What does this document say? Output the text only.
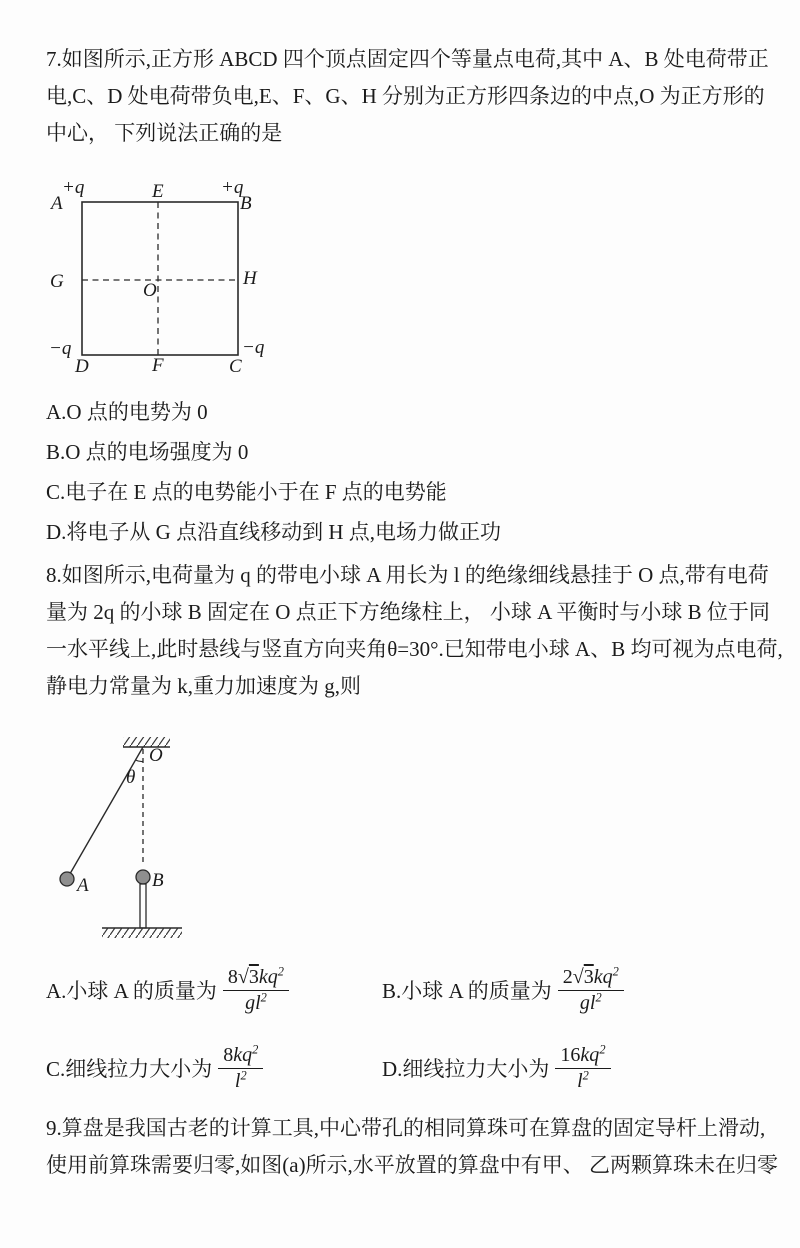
7.如图所示,正方形 ABCD 四个顶点固定四个等量点电荷,其中 A、B 处电荷带正
电,C、D 处电荷带负电,E、F、G、H 分别为正方形四条边的中点,O 为正方形的
中心， 下列说法正确的是
+q
A
E	+q
B
G	O
H
−q
D	F	C
−q
A.O 点的电势为 0
B.O 点的电场强度为 0
C.电子在 E 点的电势能小于在 F 点的电势能
D.将电子从 G 点沿直线移动到 H 点,电场力做正功
8.如图所示,电荷量为 q 的带电小球 A 用长为 l 的绝缘细线悬挂于 O 点,带有电荷
量为 2q 的小球 B 固定在 O 点正下方绝缘柱上， 小球 A 平衡时与小球 B 位于同
一水平线上,此时悬线与竖直方向夹角θ=30°.已知带电小球 A、B 均可视为点电荷,
静电力常量为 k,重力加速度为 g,则
O
θ
A	B
A.小球 A 的质量为 $\frac{8√3kq^2}{gl^2}$	B.小球 A 的质量为 $\frac{2√3kq^2}{gl^2}$
C.细线拉力大小为 $\frac{8kq^2}{l^2}$	D.细线拉力大小为 $\frac{16kq^2}{l^2}$
9.算盘是我国古老的计算工具,中心带孔的相同算珠可在算盘的固定导杆上滑动,
使用前算珠需要归零,如图(a)所示,水平放置的算盘中有甲、 乙两颗算珠未在归零
